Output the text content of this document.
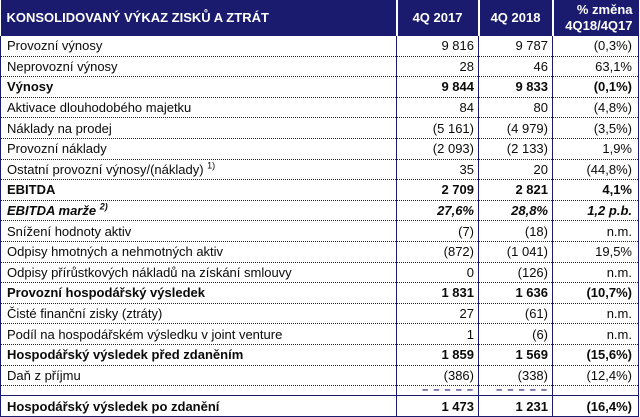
KONSOLIDOVANÝ VÝKAZ ZISKŮ A ZTRÁT	4Q 2017	4Q 2018	% změna
4Q18/4Q17

Provozní výnosy	9 816	9 787	(0,3%)
Neprovozní výnosy	28	46	63,1%
Výnosy	9 844	9 833	(0,1%)
Aktivace dlouhodobého majetku	84	80	(4,8%)
Náklady na prodej	(5 161)	(4 979)	(3,5%)
Provozní náklady	(2 093)	(2 133)	1,9%
Ostatní provozní výnosy/(náklady) $^{1)}$	35	20	(44,8%)
EBITDA	2 709	2 821	4,1%
EBITDA marže $^{2)}$	27,6%	28,8%	1,2 p.b.
Snížení hodnoty aktiv	(7)	(18)	n.m.
Odpisy hmotných a nehmotných aktiv	(872)	(1 041)	19,5%
Odpisy přírůstkových nákladů na získání smlouvy	0	(126)	n.m.
Provozní hospodářský výsledek	1 831	1 636	(10,7%)
Čisté finanční zisky (ztráty)	27	(61)	n.m.
Podíl na hospodářském výsledku v joint venture	1	(6)	n.m.
Hospodářský výsledek před zdaněním	1 859	1 569	(15,6%)
Daň z příjmu	(386)	(338)	(12,4%)
	– – – – –	– – – – –	
Hospodářský výsledek po zdanění	1 473	1 231	(16,4%)
